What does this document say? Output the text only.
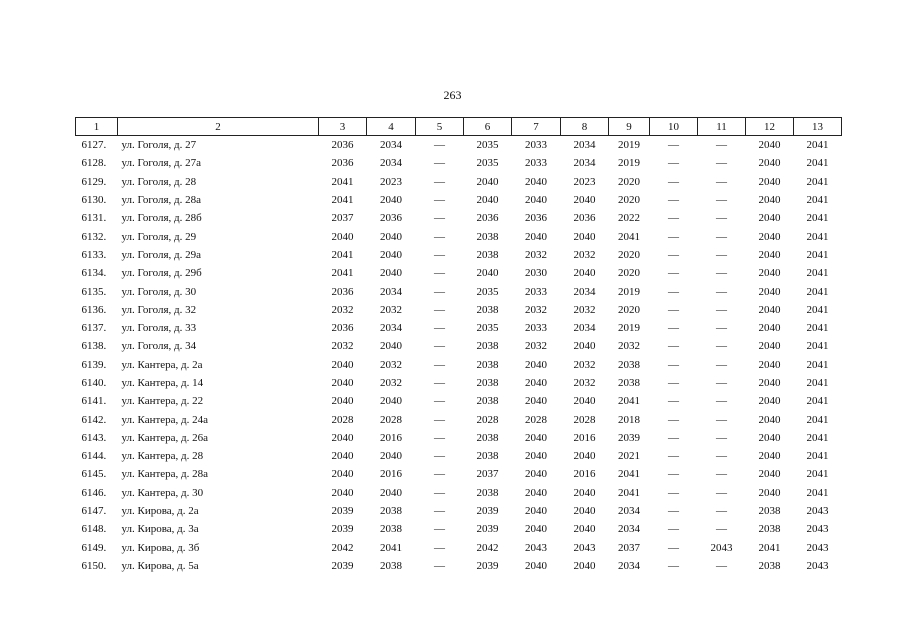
263
1	2	3	4	5	6	7	8	9	10	11	12	13
6127.	ул. Гоголя, д. 27	2036	2034	—	2035	2033	2034	2019	—	—	2040	2041
6128.	ул. Гоголя, д. 27а	2036	2034	—	2035	2033	2034	2019	—	—	2040	2041
6129.	ул. Гоголя, д. 28	2041	2023	—	2040	2040	2023	2020	—	—	2040	2041
6130.	ул. Гоголя, д. 28а	2041	2040	—	2040	2040	2040	2020	—	—	2040	2041
6131.	ул. Гоголя, д. 28б	2037	2036	—	2036	2036	2036	2022	—	—	2040	2041
6132.	ул. Гоголя, д. 29	2040	2040	—	2038	2040	2040	2041	—	—	2040	2041
6133.	ул. Гоголя, д. 29а	2041	2040	—	2038	2032	2032	2020	—	—	2040	2041
6134.	ул. Гоголя, д. 29б	2041	2040	—	2040	2030	2040	2020	—	—	2040	2041
6135.	ул. Гоголя, д. 30	2036	2034	—	2035	2033	2034	2019	—	—	2040	2041
6136.	ул. Гоголя, д. 32	2032	2032	—	2038	2032	2032	2020	—	—	2040	2041
6137.	ул. Гоголя, д. 33	2036	2034	—	2035	2033	2034	2019	—	—	2040	2041
6138.	ул. Гоголя, д. 34	2032	2040	—	2038	2032	2040	2032	—	—	2040	2041
6139.	ул. Кантера, д. 2а	2040	2032	—	2038	2040	2032	2038	—	—	2040	2041
6140.	ул. Кантера, д. 14	2040	2032	—	2038	2040	2032	2038	—	—	2040	2041
6141.	ул. Кантера, д. 22	2040	2040	—	2038	2040	2040	2041	—	—	2040	2041
6142.	ул. Кантера, д. 24а	2028	2028	—	2028	2028	2028	2018	—	—	2040	2041
6143.	ул. Кантера, д. 26а	2040	2016	—	2038	2040	2016	2039	—	—	2040	2041
6144.	ул. Кантера, д. 28	2040	2040	—	2038	2040	2040	2021	—	—	2040	2041
6145.	ул. Кантера, д. 28а	2040	2016	—	2037	2040	2016	2041	—	—	2040	2041
6146.	ул. Кантера, д. 30	2040	2040	—	2038	2040	2040	2041	—	—	2040	2041
6147.	ул. Кирова, д. 2а	2039	2038	—	2039	2040	2040	2034	—	—	2038	2043
6148.	ул. Кирова, д. 3а	2039	2038	—	2039	2040	2040	2034	—	—	2038	2043
6149.	ул. Кирова, д. 3б	2042	2041	—	2042	2043	2043	2037	—	2043	2041	2043
6150.	ул. Кирова, д. 5а	2039	2038	—	2039	2040	2040	2034	—	—	2038	2043
